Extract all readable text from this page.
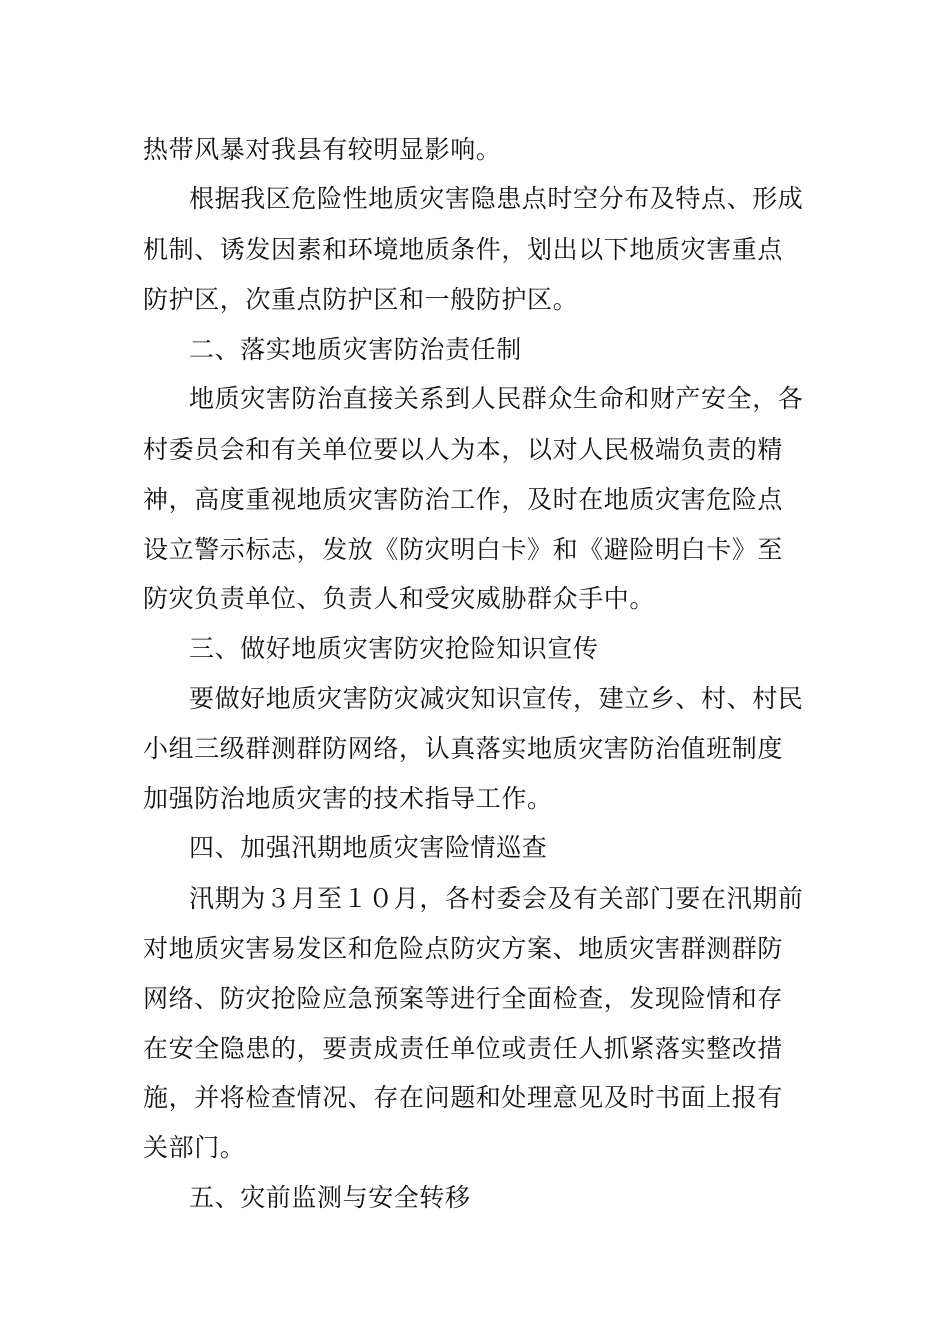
热带风暴对我县有较明显影响。
根据我区危险性地质灾害隐患点时空分布及特点、形成
机制、诱发因素和环境地质条件，划出以下地质灾害重点
防护区，次重点防护区和一般防护区。
二、落实地质灾害防治责任制
地质灾害防治直接关系到人民群众生命和财产安全，各
村委员会和有关单位要以人为本，以对人民极端负责的精
神，高度重视地质灾害防治工作，及时在地质灾害危险点
设立警示标志，发放《防灾明白卡》和《避险明白卡》至
防灾负责单位、负责人和受灾威胁群众手中。
三、做好地质灾害防灾抢险知识宣传
要做好地质灾害防灾减灾知识宣传，建立乡、村、村民
小组三级群测群防网络，认真落实地质灾害防治值班制度
加强防治地质灾害的技术指导工作。
四、加强汛期地质灾害险情巡查
汛期为３月至１０月，各村委会及有关部门要在汛期前
对地质灾害易发区和危险点防灾方案、地质灾害群测群防
网络、防灾抢险应急预案等进行全面检查，发现险情和存
在安全隐患的，要责成责任单位或责任人抓紧落实整改措
施，并将检查情况、存在问题和处理意见及时书面上报有
关部门。
五、灾前监测与安全转移
